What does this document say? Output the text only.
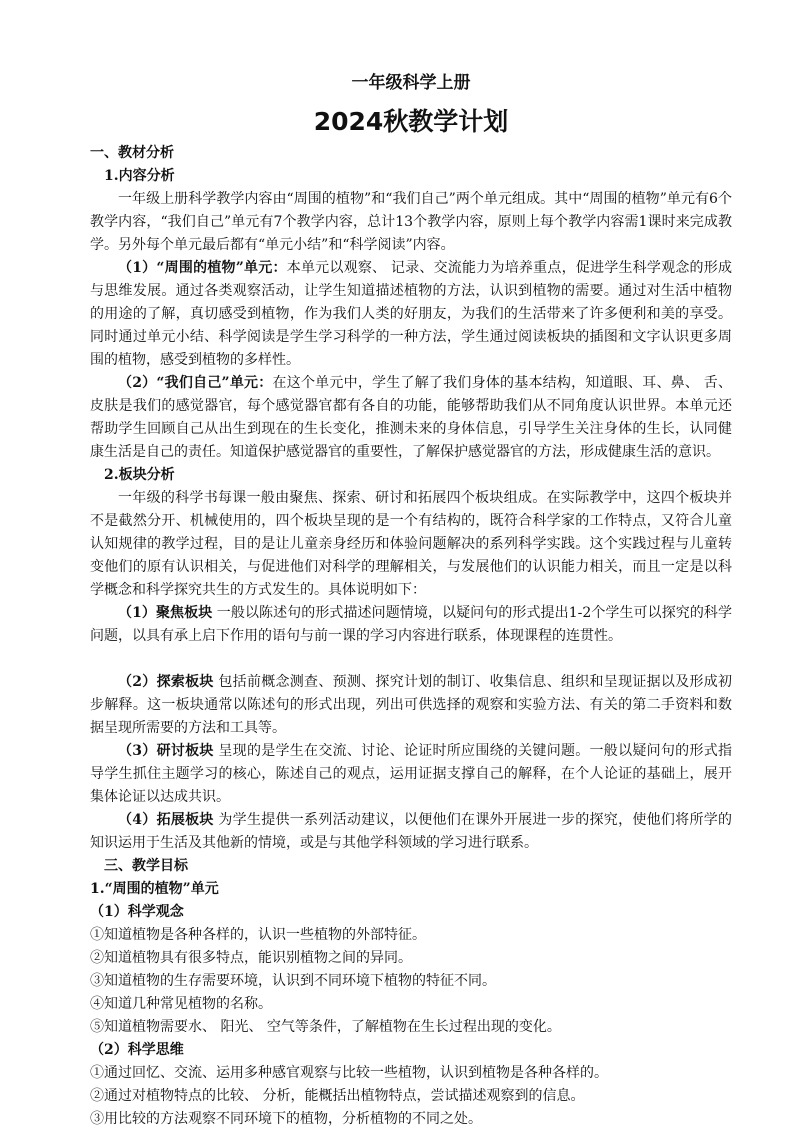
一年级科学上册
2024秋教学计划

一、教材分析

1.内容分析

一年级上册科学教学内容由“周围的植物”和“我们自己”两个单元组成。其中“周围的植物”单元有6个教学内容，“我们自己”单元有7个教学内容，总计13个教学内容，原则上每个教学内容需1课时来完成教学。另外每个单元最后都有“单元小结”和“科学阅读”内容。

（1）“周围的植物”单元：本单元以观察、 记录、交流能力为培养重点，促进学生科学观念的形成与思维发展。通过各类观察活动，让学生知道描述植物的方法，认识到植物的需要。通过对生活中植物的用途的了解，真切感受到植物，作为我们人类的好朋友，为我们的生活带来了许多便利和美的享受。同时通过单元小结、科学阅读是学生学习科学的一种方法，学生通过阅读板块的插图和文字认识更多周围的植物，感受到植物的多样性。

（2）“我们自己”单元：在这个单元中，学生了解了我们身体的基本结构，知道眼、耳、鼻、 舌、 皮肤是我们的感觉器官，每个感觉器官都有各自的功能，能够帮助我们从不同角度认识世界。本单元还帮助学生回顾自己从出生到现在的生长变化，推测未来的身体信息，引导学生关注身体的生长，认同健康生活是自己的责任。知道保护感觉器官的重要性，了解保护感觉器官的方法，形成健康生活的意识。

2.板块分析

一年级的科学书每课一般由聚焦、探索、研讨和拓展四个板块组成。在实际教学中，这四个板块并不是截然分开、机械使用的，四个板块呈现的是一个有结构的，既符合科学家的工作特点，又符合儿童认知规律的教学过程，目的是让儿童亲身经历和体验问题解决的系列科学实践。这个实践过程与儿童转变他们的原有认识相关，与促进他们对科学的理解相关，与发展他们的认识能力相关，而且一定是以科学概念和科学探究共生的方式发生的。具体说明如下：

（1）聚焦板块 一般以陈述句的形式描述问题情境，以疑问句的形式提出1-2个学生可以探究的科学问题，以具有承上启下作用的语句与前一课的学习内容进行联系，体现课程的连贯性。

（2）探索板块 包括前概念测查、预测、探究计划的制订、收集信息、组织和呈现证据以及形成初步解释。这一板块通常以陈述句的形式出现，列出可供选择的观察和实验方法、有关的第二手资料和数据呈现所需要的方法和工具等。

（3）研讨板块 呈现的是学生在交流、讨论、论证时所应围绕的关键问题。一般以疑问句的形式指导学生抓住主题学习的核心，陈述自己的观点，运用证据支撑自己的解释，在个人论证的基础上，展开集体论证以达成共识。

（4）拓展板块 为学生提供一系列活动建议，以便他们在课外开展进一步的探究，使他们将所学的知识运用于生活及其他新的情境，或是与其他学科领域的学习进行联系。

三、教学目标

1.“周围的植物”单元

（1）科学观念

①知道植物是各种各样的，认识一些植物的外部特征。

②知道植物具有很多特点，能识别植物之间的异同。

③知道植物的生存需要环境，认识到不同环境下植物的特征不同。

④知道几种常见植物的名称。

⑤知道植物需要水、 阳光、 空气等条件，了解植物在生长过程出现的变化。

（2）科学思维

①通过回忆、交流、运用多种感官观察与比较一些植物，认识到植物是各种各样的。

②通过对植物特点的比较、 分析，能概括出植物特点，尝试描述观察到的信息。

③用比较的方法观察不同环境下的植物，分析植物的不同之处。
